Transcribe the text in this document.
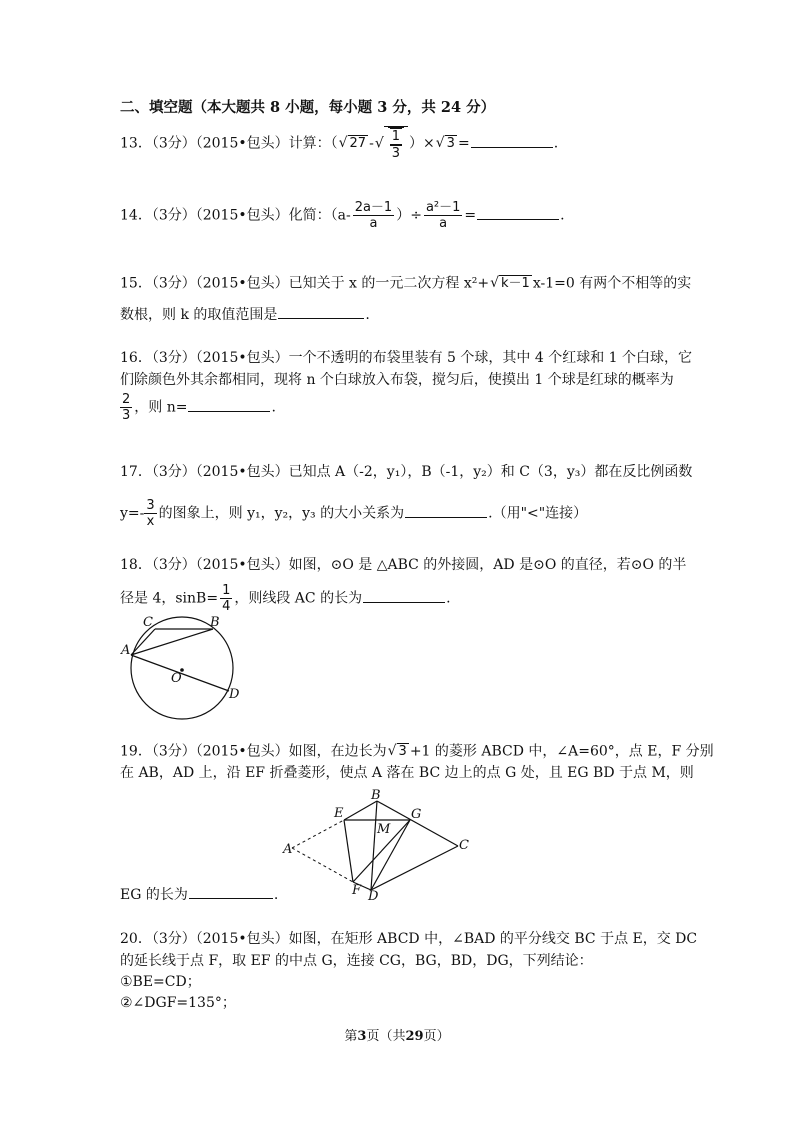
二、填空题（本大题共 8 小题，每小题 3 分，共 24 分）
13．（3分）（2015•包头）计算：（√ 27 -√ $\frac{1}{3}$ ）×√ 3 =	.
14．（3分）（2015•包头）化简：（$a- \frac{2a-1}{a}$ ）÷ $\frac{\text{a²－1}}{a}$ =	.
15．（3分）（2015•包头）已知关于 x 的一元二次方程 x²+√ k－1 x-1=0 有两个不相等的实
数根，则 k 的取值范围是	.
16．（3分）（2015•包头）一个不透明的布袋里装有 5 个球，其中 4 个红球和 1 个白球，它
们除颜色外其余都相同，现将 n 个白球放入布袋，搅匀后，使摸出 1 个球是红球的概率为
$\frac{2}{3}$ ，则 n=	.
17．（3分）（2015•包头）已知点 A（-2，y₁），B（-1，y₂）和 C（3，y₃）都在反比例函数
$y=- \frac{3}{x}$ 的图象上，则 y₁，y₂，y₃ 的大小关系为	.（用"<"连接）
18．（3分）（2015•包头）如图，⊙O 是 △ABC 的外接圆，AD 是⊙O 的直径，若⊙O 的半
径是 4，$\sin B= \frac{1}{4}$ ，则线段 AC 的长为	.
C	B
A
O
D
19．（3分）（2015•包头）如图，在边长为√ 3 +1 的菱形 ABCD 中，∠A=60°，点 E，F 分别
在 AB，AD 上，沿 EF 折叠菱形，使点 A 落在 BC 边上的点 G 处，且 EG BD 于点 M，则
A
B
E	G
M
C
F D
EG 的长为	.
20．（3分）（2015•包头）如图，在矩形 ABCD 中，∠BAD 的平分线交 BC 于点 E，交 DC
的延长线于点 F，取 EF 的中点 G，连接 CG，BG，BD，DG，下列结论：
①BE=CD；
②∠DGF=135°；
第3页（共29页）
